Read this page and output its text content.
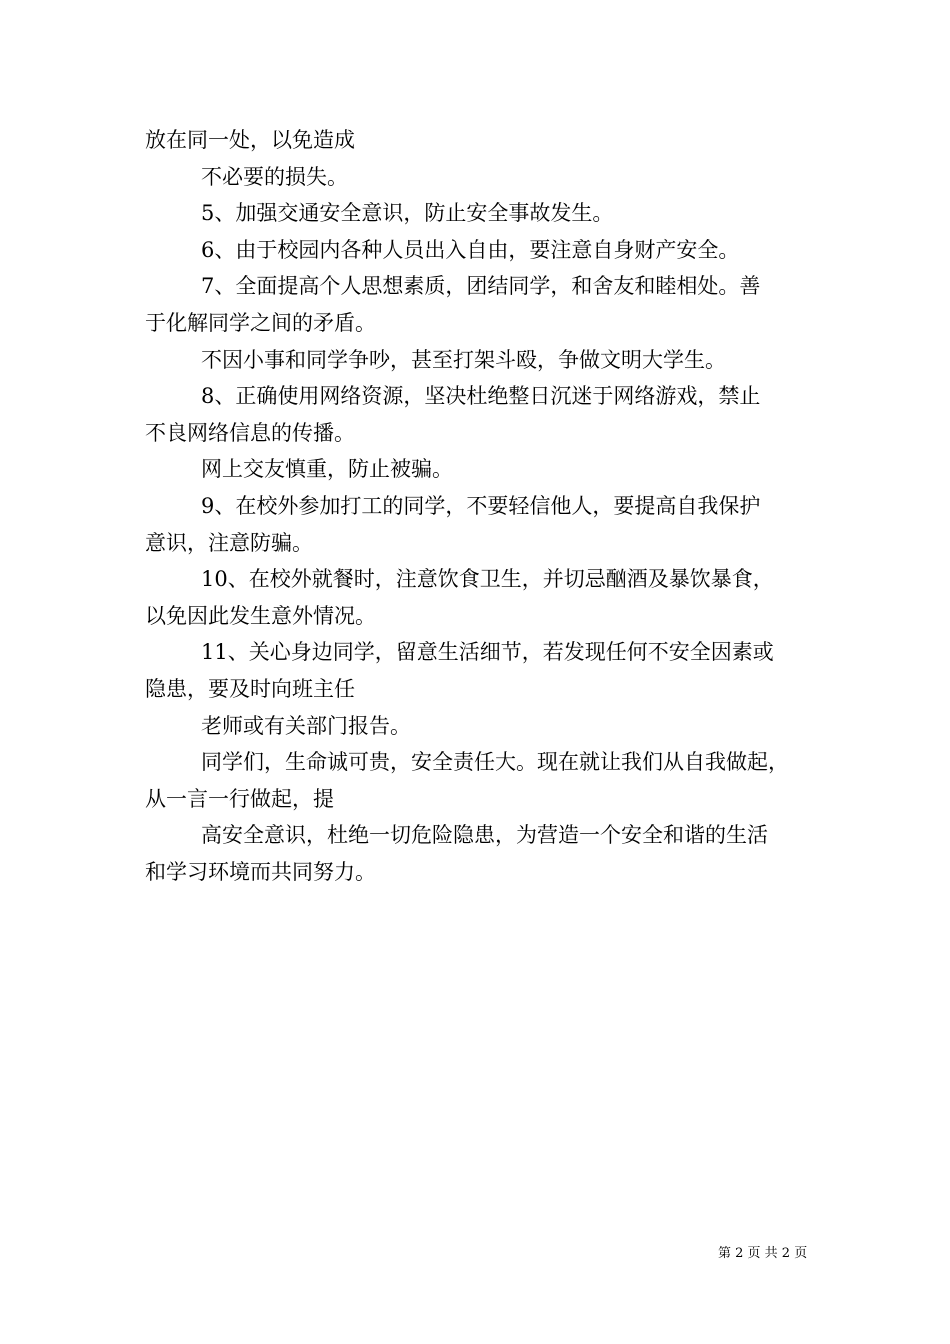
放在同一处，以免造成
不必要的损失。
5、加强交通安全意识，防止安全事故发生。
6、由于校园内各种人员出入自由，要注意自身财产安全。
7、全面提高个人思想素质，团结同学，和舍友和睦相处。善
于化解同学之间的矛盾。
不因小事和同学争吵，甚至打架斗殴，争做文明大学生。
8、正确使用网络资源，坚决杜绝整日沉迷于网络游戏，禁止
不良网络信息的传播。
网上交友慎重，防止被骗。
9、在校外参加打工的同学，不要轻信他人，要提高自我保护
意识，注意防骗。
10、在校外就餐时，注意饮食卫生，并切忌酗酒及暴饮暴食，
以免因此发生意外情况。
11、关心身边同学，留意生活细节，若发现任何不安全因素或
隐患，要及时向班主任
老师或有关部门报告。
同学们，生命诚可贵，安全责任大。现在就让我们从自我做起，
从一言一行做起，提
高安全意识，杜绝一切危险隐患，为营造一个安全和谐的生活
和学习环境而共同努力。
第 2 页 共 2 页
